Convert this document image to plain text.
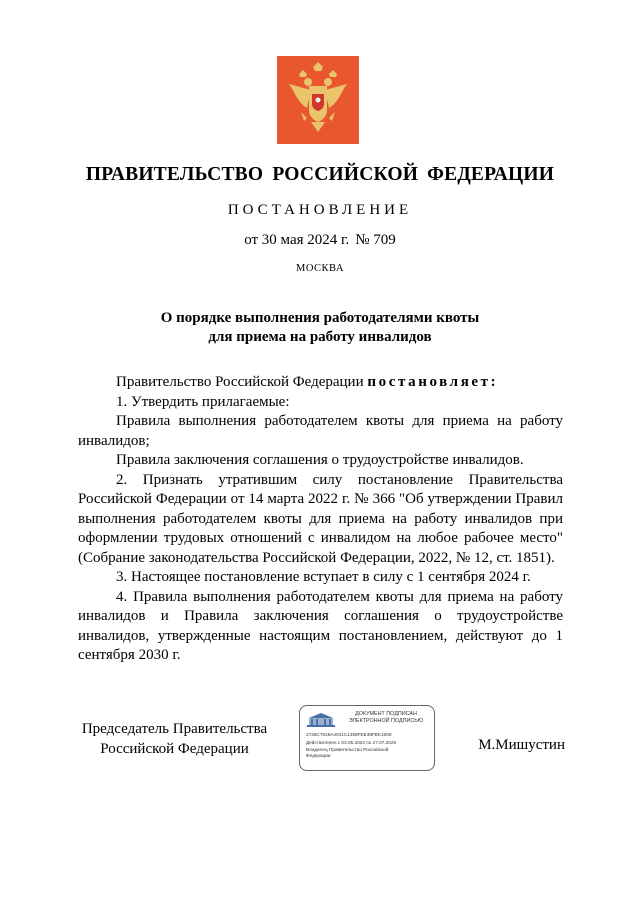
ПРАВИТЕЛЬСТВО РОССИЙСКОЙ ФЕДЕРАЦИИ
ПОСТАНОВЛЕНИЕ
от 30 мая 2024 г. № 709
МОСКВА
О порядке выполнения работодателями квоты
для приема на работу инвалидов

Правительство Российской Федерации постановляет:

1. Утвердить прилагаемые:

Правила выполнения работодателем квоты для приема на работу инвалидов;

Правила заключения соглашения о трудоустройстве инвалидов.

2. Признать утратившим силу постановление Правительства Российской Федерации от 14 марта 2022 г. № 366 "Об утверждении Правил выполнения работодателем квоты для приема на работу инвалидов при оформлении трудовых отношений с инвалидом на любое рабочее место" (Собрание законодательства Российской Федерации, 2022, № 12, ст. 1851).

3. Настоящее постановление вступает в силу с 1 сентября 2024 г.

4. Правила выполнения работодателем квоты для приема на работу инвалидов и Правила заключения соглашения о трудоустройстве инвалидов, утвержденные настоящим постановлением, действуют до 1 сентября 2030 г.

Председатель Правительства
Российской Федерации
ДОКУМЕНТ ПОДПИСАН
ЭЛЕКТРОННОЙ ПОДПИСЬЮ
2726C7919A4041C1458FEE38FBK1009
Действителен с 03.05.2024 по 27.07.2025
Владелец Правительство Российской
Федерации
М.Мишустин
